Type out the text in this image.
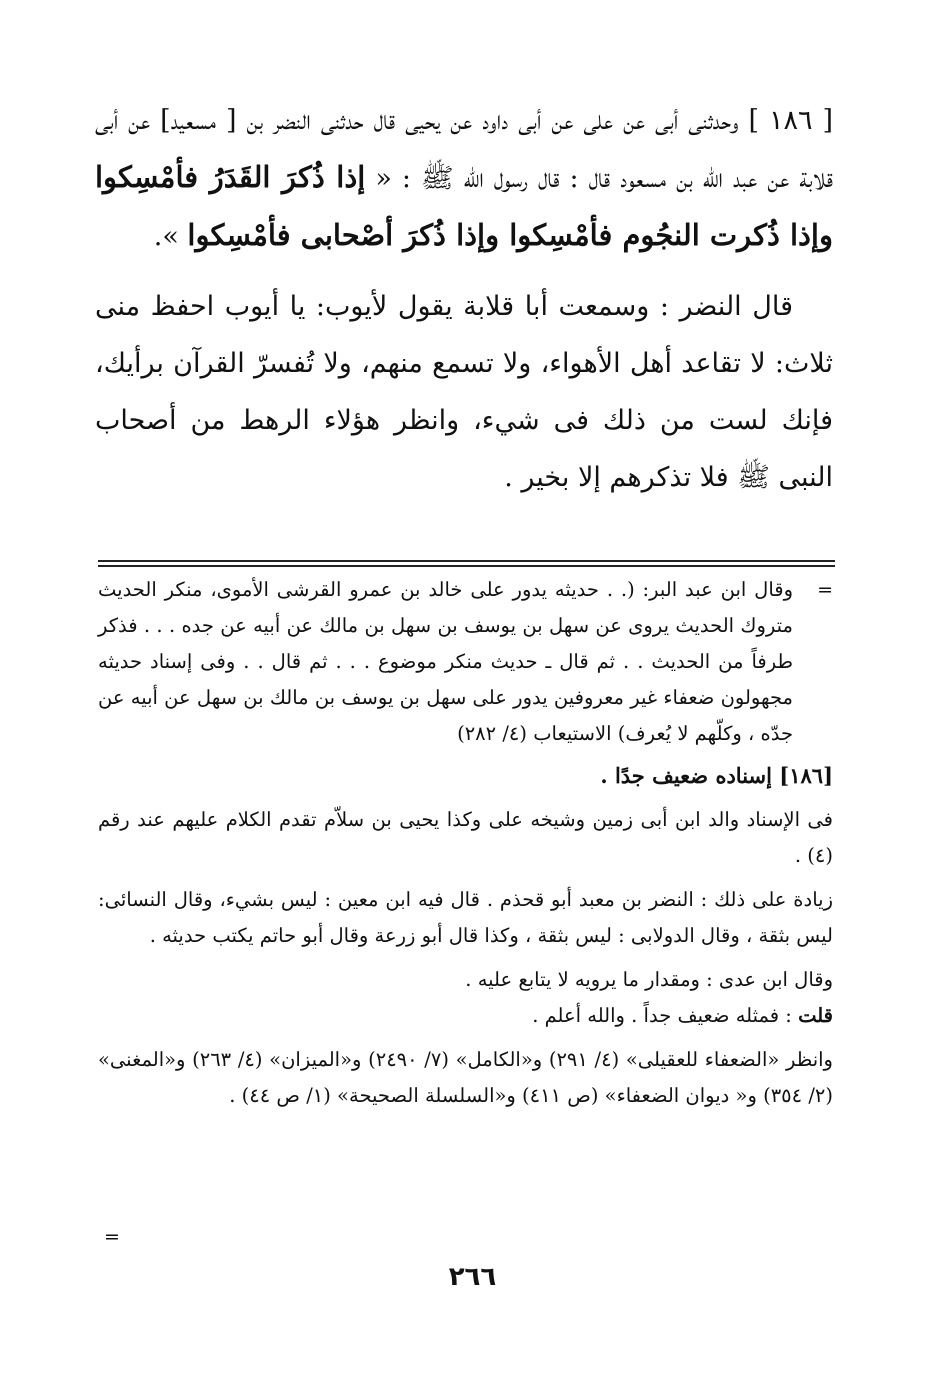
[ ١٨٦ ] وحدثنى أبى عن على عن أبى داود عن يحيى قال حدثنى النضر بن [ مسعيد] عن أبى قلابة عن عبد الله بن مسعود قال : قال رسول الله ﷺ : « إذا ذُكرَ القَدَرُ فأمْسِكوا وإذا ذُكرت النجُوم فأمْسِكوا وإذا ذُكرَ أصْحابى فأمْسِكوا ».

قال النضر : وسمعت أبا قلابة يقول لأيوب: يا أيوب احفظ منى ثلاث: لا تقاعد أهل الأهواء، ولا تسمع منهم، ولا تُفسرّ القرآن برأيك، فإنك لست من ذلك فى شيء، وانظر هؤلاء الرهط من أصحاب النبى ﷺ فلا تذكرهم إلا بخير .

=

وقال ابن عبد البر: (. . حديثه يدور على خالد بن عمرو القرشى الأموى، منكر الحديث متروك الحديث يروى عن سهل بن يوسف بن سهل بن مالك عن أبيه عن جده . . . فذكر طرفاً من الحديث . . ثم قال ـ حديث منكر موضوع . . . ثم قال . . وفى إسناد حديثه مجهولون ضعفاء غير معروفين يدور على سهل بن يوسف بن مالك بن سهل عن أبيه عن جدّه ، وكلّهم لا يُعرف) الاستيعاب (٤/ ٢٨٢)

[١٨٦] إسناده ضعيف جدًا .

فى الإسناد والد ابن أبى زمين وشيخه على وكذا يحيى بن سلاّم تقدم الكلام عليهم عند رقم (٤) .

زيادة على ذلك : النضر بن معبد أبو قحذم . قال فيه ابن معين : ليس بشيء، وقال النسائى: ليس بثقة ، وقال الدولابى : ليس بثقة ، وكذا قال أبو زرعة وقال أبو حاتم يكتب حديثه .

وقال ابن عدى : ومقدار ما يرويه لا يتابع عليه .

قلت : فمثله ضعيف جداً . والله أعلم .

وانظر «الضعفاء للعقيلى» (٤/ ٢٩١) و«الكامل» (٧/ ٢٤٩٠) و«الميزان» (٤/ ٢٦٣) و«المغنى» (٢/ ٣٥٤) و« ديوان الضعفاء» (ص ٤١١) و«السلسلة الصحيحة» (١/ ص ٤٤) .

=
٢٦٦
